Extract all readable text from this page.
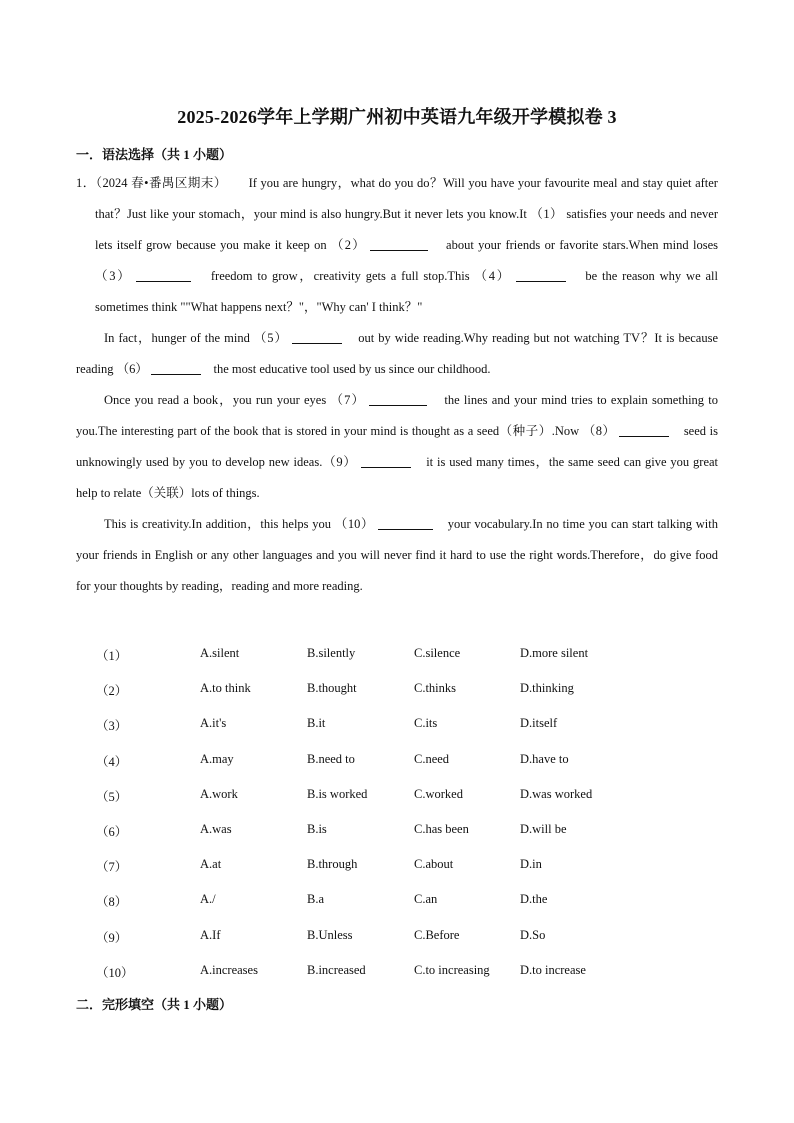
2025-2026学年上学期广州初中英语九年级开学模拟卷 3
一．语法选择（共 1 小题）

1．（2024 春•番禺区期末） If you are hungry，what do you do？Will you have your favourite meal and stay quiet after that？Just like your stomach，your mind is also hungry.But it never lets you know.It （1） satisfies your needs and never lets itself grow because you make it keep on （2）	about your friends or favorite stars.When mind loses （3）	freedom to grow，creativity gets a full stop.This （4）	be the reason why we all sometimes think ""What happens next？"，"Why can' I think？"

In fact，hunger of the mind （5）	out by wide reading.Why reading but not watching TV？It is because reading （6）	the most educative tool used by us since our childhood.

Once you read a book，you run your eyes （7）	the lines and your mind tries to explain something to you.The interesting part of the book that is stored in your mind is thought as a seed（种子）.Now （8）	seed is unknowingly used by you to develop new ideas.（9）	it is used many times，the same seed can give you great help to relate（关联）lots of things.

This is creativity.In addition，this helps you （10）	your vocabulary.In no time you can start talking with your friends in English or any other languages and you will never find it hard to use the right words.Therefore，do give food for your thoughts by reading，reading and more reading.

（1）	A.silent	B.silently	C.silence	D.more silent
（2）	A.to think	B.thought	C.thinks	D.thinking
（3）	A.it's	B.it	C.its	D.itself
（4）	A.may	B.need to	C.need	D.have to
（5）	A.work	B.is worked	C.worked	D.was worked
（6）	A.was	B.is	C.has been	D.will be
（7）	A.at	B.through	C.about	D.in
（8）	A./	B.a	C.an	D.the
（9）	A.If	B.Unless	C.Before	D.So
（10）	A.increases	B.increased	C.to increasing D.to increase
二．完形填空（共 1 小题）
